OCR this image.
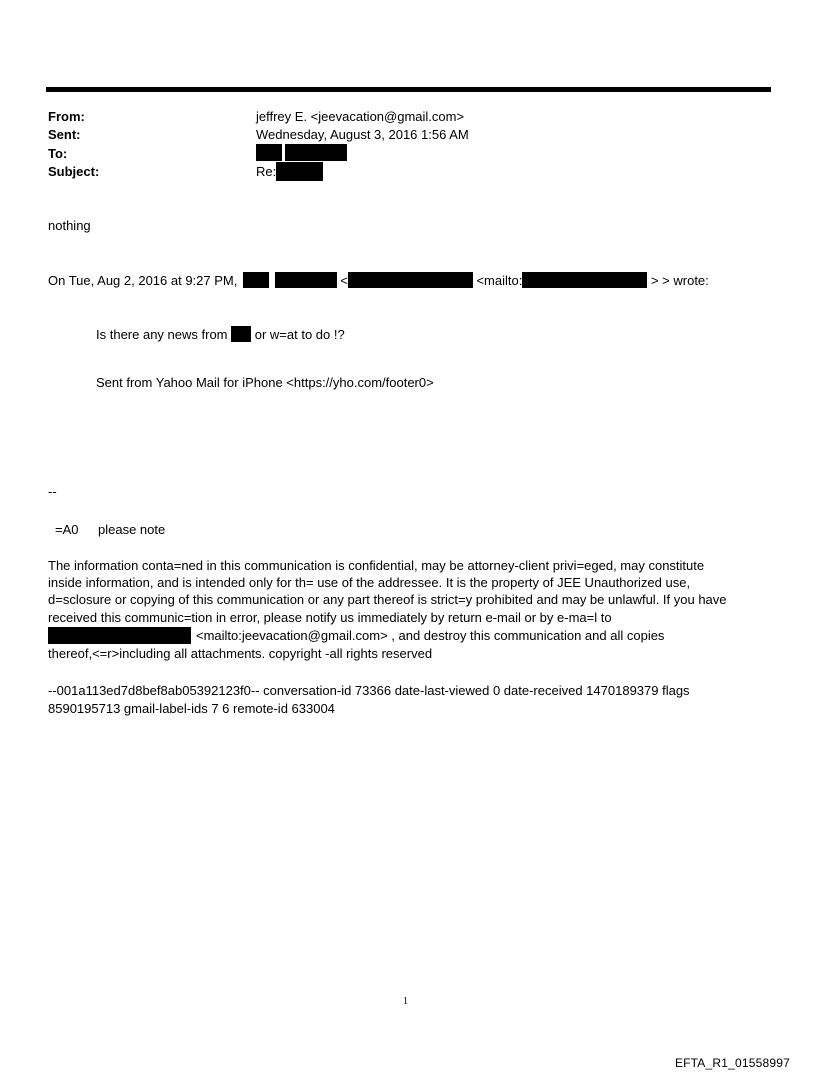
From:	jeffrey E. <jeevacation@gmail.com>
Sent:	Wednesday, August 3, 2016 1:56 AM
To:
Subject:	Re:
nothing
On Tue, Aug 2, 2016 at 9:27 PM,	<	<mailto:	> > wrote:
Is there any news from or w=at to do !?
Sent from Yahoo Mail for iPhone <https://yho.com/footer0>
--
=A0 please note
The information conta=ned in this communication is confidential, may be attorney-client privi=eged, may constitute
inside information, and is intended only for th= use of the addressee. It is the property of JEE Unauthorized use,
d=sclosure or copying of this communication or any part thereof is strict=y prohibited and may be unlawful. If you have
received this communic=tion in error, please notify us immediately by return e-mail or by e-ma=l to
<mailto:jeevacation@gmail.com> , and destroy this communication and all copies
thereof,<=r>including all attachments. copyright -all rights reserved
--001a113ed7d8bef8ab05392123f0-- conversation-id 73366 date-last-viewed 0 date-received 1470189379 flags
8590195713 gmail-label-ids 7 6 remote-id 633004
1
EFTA_R1_01558997
